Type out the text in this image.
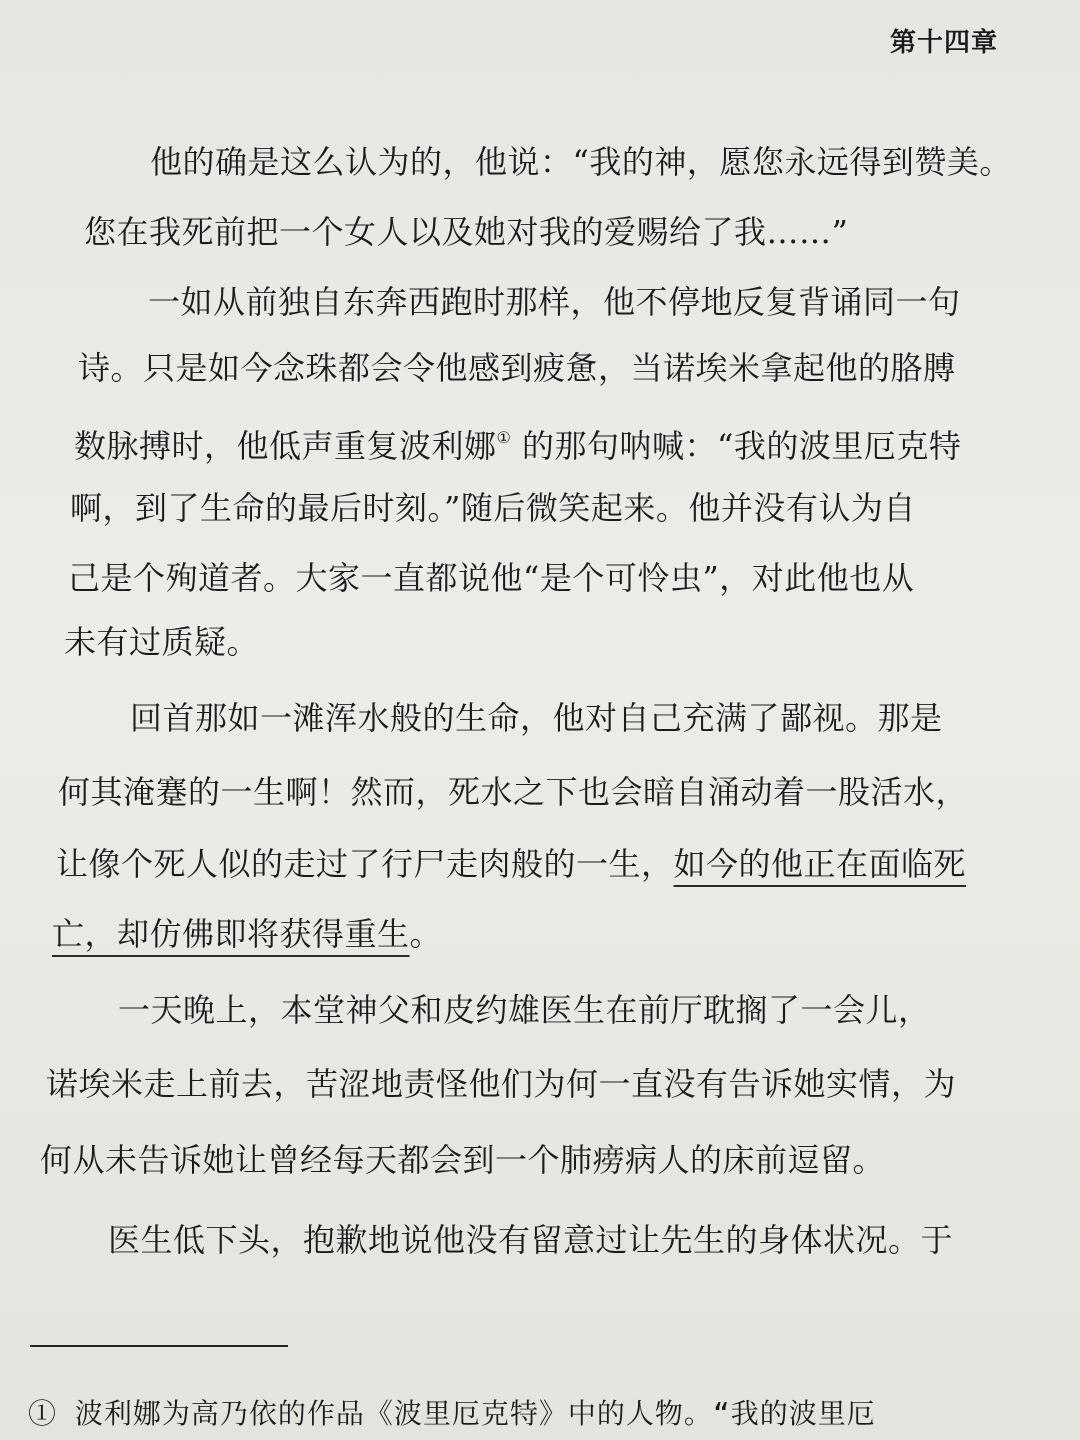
第十四章
他的确是这么认为的，他说：“我的神，愿您永远得到赞美。
您在我死前把一个女人以及她对我的爱赐给了我……”
一如从前独自东奔西跑时那样，他不停地反复背诵同一句
诗。只是如今念珠都会令他感到疲惫，当诺埃米拿起他的胳膊
数脉搏时，他低声重复波利娜① 的那句呐喊：“我的波里厄克特
啊，到了生命的最后时刻。”随后微笑起来。他并没有认为自
己是个殉道者。大家一直都说他“是个可怜虫”，对此他也从
未有过质疑。
回首那如一滩浑水般的生命，他对自己充满了鄙视。那是
何其淹蹇的一生啊！然而，死水之下也会暗自涌动着一股活水，
让像个死人似的走过了行尸走肉般的一生，如今的他正在面临死
亡，却仿佛即将获得重生。
一天晚上，本堂神父和皮约雄医生在前厅耽搁了一会儿，
诺埃米走上前去，苦涩地责怪他们为何一直没有告诉她实情，为
何从未告诉她让曾经每天都会到一个肺痨病人的床前逗留。
医生低下头，抱歉地说他没有留意过让先生的身体状况。于
① 波利娜为高乃依的作品《波里厄克特》中的人物。“我的波里厄
